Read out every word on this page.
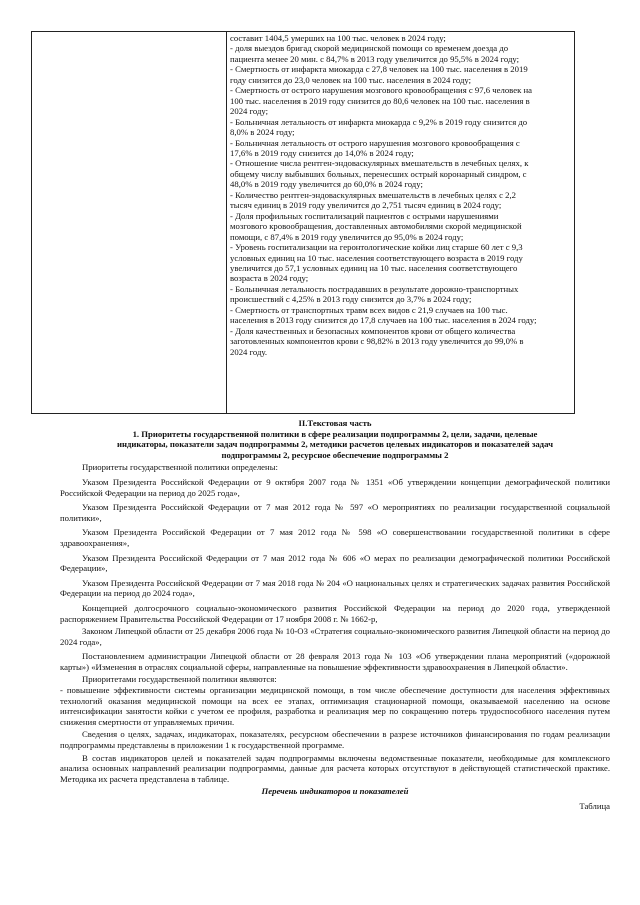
составит 1404,5 умерших на 100 тыс. человек в 2024 году;
- доля выездов бригад скорой медицинской помощи со временем доезда до
пациента менее 20 мин. с 84,7% в 2013 году увеличится до 95,5% в 2024 году;
- Смертность от инфаркта миокарда с 27,8 человек на 100 тыс. населения в 2019
году снизится до 23,0 человек на 100 тыс. населения в 2024 году;
- Смертность от острого нарушения мозгового кровообращения с 97,6 человек на
100 тыс. населения в 2019 году снизится до 80,6 человек на 100 тыс. населения в
2024 году;
- Больничная летальность от инфаркта миокарда с 9,2% в 2019 году снизится до
8,0% в 2024 году;
- Больничная летальность от острого нарушения мозгового кровообращения с
17,6% в 2019 году снизится до 14,0% в 2024 году;
- Отношение числа рентген-эндоваскулярных вмешательств в лечебных целях, к
общему числу выбывших больных, перенесших острый коронарный синдром, с
48,0% в 2019 году увеличится до 60,0% в 2024 году;
- Количество рентген-эндоваскулярных вмешательств в лечебных целях с 2,2
тысяч единиц в 2019 году увеличится до 2,751 тысяч единиц в 2024 году;
- Доля профильных госпитализаций пациентов с острыми нарушениями
мозгового кровообращения, доставленных автомобилями скорой медицинской
помощи, с 87,4% в 2019 году увеличится до 95,0% в 2024 году;
- Уровень госпитализации на геронтологические койки лиц старше 60 лет с 9,3
условных единиц на 10 тыс. населения соответствующего возраста в 2019 году
увеличится до 57,1 условных единиц на 10 тыс. населения соответствующего
возраста в 2024 году;
- Больничная летальность пострадавших в результате дорожно-транспортных
происшествий с 4,25% в 2013 году снизится до 3,7% в 2024 году;
- Смертность от транспортных травм всех видов с 21,9 случаев на 100 тыс.
населения в 2013 году снизится до 17,8 случаев на 100 тыс. населения в 2024 году;
- Доля качественных и безопасных компонентов крови от общего количества
заготовленных компонентов крови с 98,82% в 2013 году увеличится до 99,0% в
2024 году.
II.Текстовая часть
1. Приоритеты государственной политики в сфере реализации подпрограммы 2, цели, задачи, целевые
индикаторы, показатели задач подпрограммы 2, методики расчетов целевых индикаторов и показателей задач
подпрограммы 2, ресурсное обеспечение подпрограммы 2
Приоритеты государственной политики определены:
Указом Президента Российской Федерации от 9 октября 2007 года № 1351 «Об утверждении концепции демографической политики Российской Федерации на период до 2025 года»,
Указом Президента Российской Федерации от 7 мая 2012 года № 597 «О мероприятиях по реализации государственной социальной политики»,
Указом Президента Российской Федерации от 7 мая 2012 года № 598 «О совершенствовании государственной политики в сфере здравоохранения»,
Указом Президента Российской Федерации от 7 мая 2012 года № 606 «О мерах по реализации демографической политики Российской Федерации»,
Указом Президента Российской Федерации от 7 мая 2018 года № 204 «О национальных целях и стратегических задачах развития Российской Федерации на период до 2024 года»,
Концепцией долгосрочного социально-экономического развития Российской Федерации на период до 2020 года, утвержденной распоряжением Правительства Российской Федерации от 17 ноября 2008 г. № 1662-р,
Законом Липецкой области от 25 декабря 2006 года № 10-ОЗ «Стратегия социально-экономического развития Липецкой области на период до 2024 года»,
Постановлением администрации Липецкой области от 28 февраля 2013 года № 103 «Об утверждении плана мероприятий («дорожной карты») «Изменения в отраслях социальной сферы, направленные на повышение эффективности здравоохранения в Липецкой области».
Приоритетами государственной политики являются:
- повышение эффективности системы организации медицинской помощи, в том числе обеспечение доступности для населения эффективных технологий оказания медицинской помощи на всех ее этапах, оптимизация стационарной помощи, оказываемой населению на основе интенсификации занятости койки с учетом ее профиля, разработка и реализация мер по сокращению потерь трудоспособного населения путем снижения смертности от управляемых причин.
Сведения о целях, задачах, индикаторах, показателях, ресурсном обеспечении в разрезе источников финансирования по годам реализации подпрограммы представлены в приложении 1 к государственной программе.
В состав индикаторов целей и показателей задач подпрограммы включены ведомственные показатели, необходимые для комплексного анализа основных направлений реализации подпрограммы, данные для расчета которых отсутствуют в действующей статистической практике. Методика их расчета представлена в таблице.
Перечень индикаторов и показателей
Таблица
